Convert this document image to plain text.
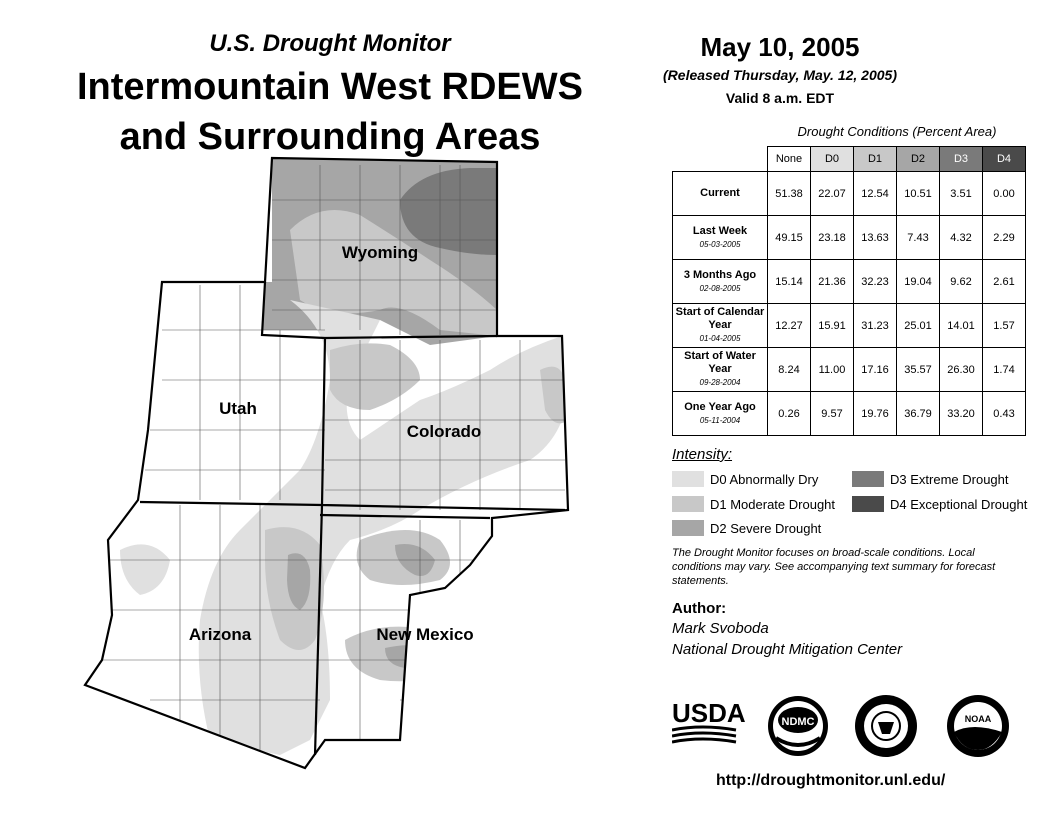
U.S. Drought Monitor
Intermountain West RDEWS
and Surrounding Areas
Wyoming
Utah
Colorado
Arizona	New Mexico
May 10, 2005
(Released Thursday, May. 12, 2005)
Valid 8 a.m. EDT
Drought Conditions (Percent Area)
	None	D0	D1	D2	D3	D4
Current	51.38	22.07	12.54	10.51	3.51	0.00
Last Week
05-03-2005	49.15	23.18	13.63	7.43	4.32	2.29
3 Months Ago
02-08-2005	15.14	21.36	32.23	19.04	9.62	2.61
Start of Calendar Year
01-04-2005	12.27	15.91	31.23	25.01	14.01	1.57
Start of Water Year
09-28-2004	8.24	11.00	17.16	35.57	26.30	1.74
One Year Ago
05-11-2004	0.26	9.57	19.76	36.79	33.20	0.43
Intensity:
D0 Abnormally Dry
D1 Moderate Drought
D2 Severe Drought
D3 Extreme Drought
D4 Exceptional Drought
The Drought Monitor focuses on broad-scale conditions. Local conditions may vary. See accompanying text summary for forecast statements.
Author:
Mark Svoboda
National Drought Mitigation Center
USDA	NDMC	NOAA
http://droughtmonitor.unl.edu/
